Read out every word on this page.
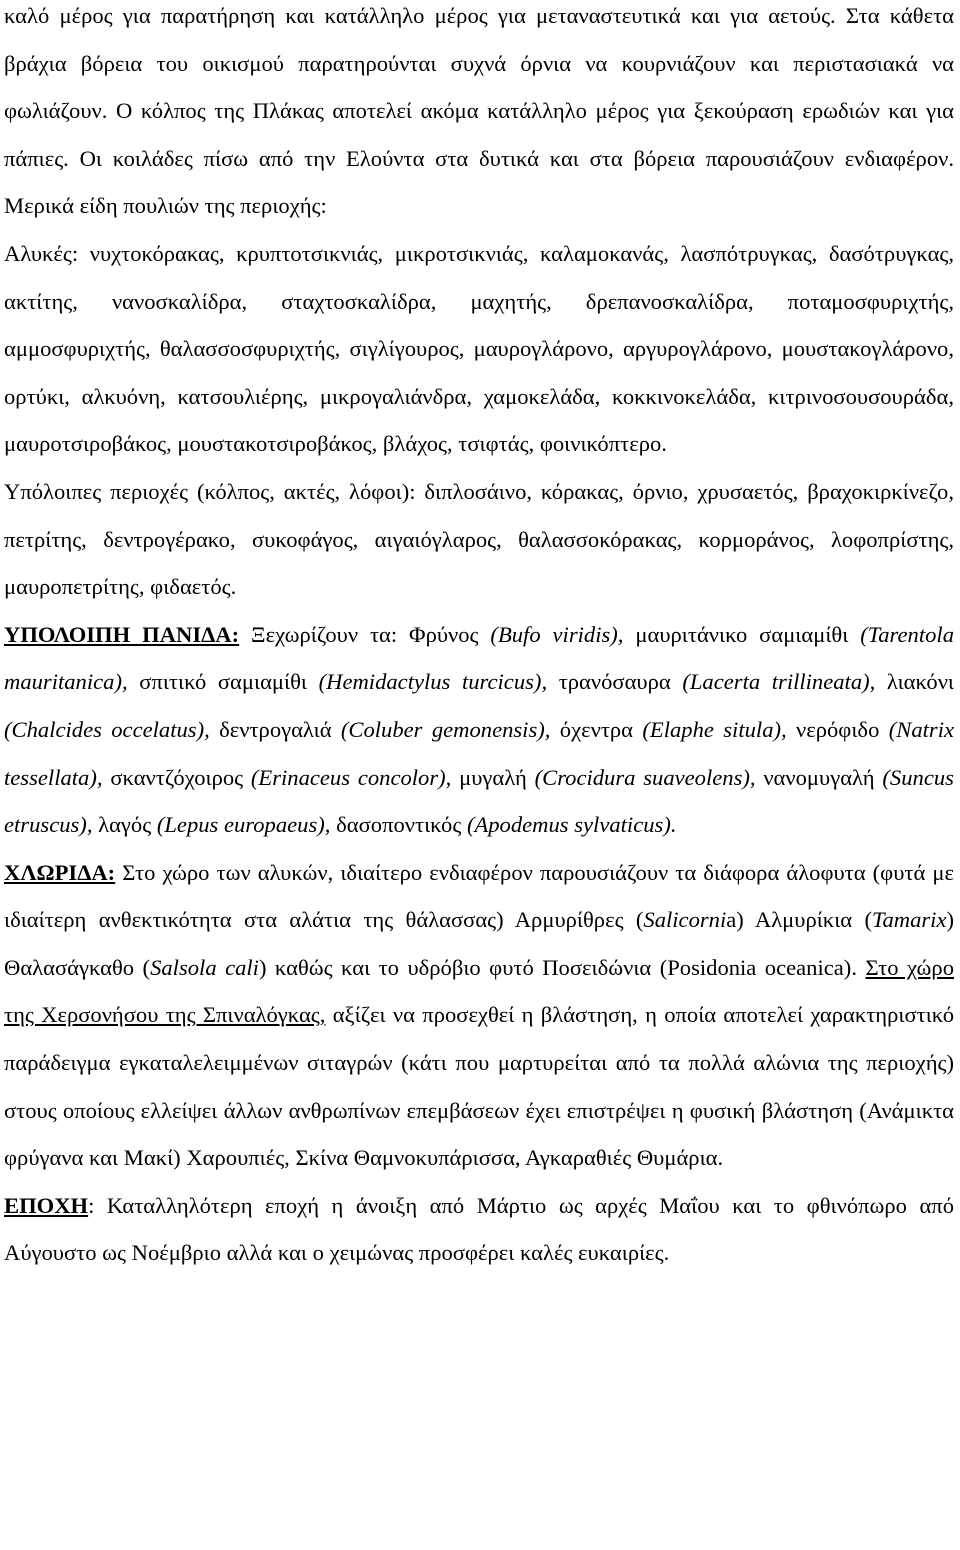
καλό μέρος για παρατήρηση και κατάλληλο μέρος για μεταναστευτικά και για αετούς. Στα κάθετα βράχια βόρεια του οικισμού παρατηρούνται συχνά όρνια να κουρνιάζουν και περιστασιακά να φωλιάζουν. Ο κόλπος της Πλάκας αποτελεί ακόμα κατάλληλο μέρος για ξεκούραση ερωδιών και για πάπιες. Οι κοιλάδες πίσω από την Ελούντα στα δυτικά και στα βόρεια παρουσιάζουν ενδιαφέρον. Μερικά είδη πουλιών της περιοχής:

Αλυκές: νυχτοκόρακας, κρυπτοτσικνιάς, μικροτσικνιάς, καλαμοκανάς, λασπότρυγκας, δασότρυγκας, ακτίτης, νανοσκαλίδρα, σταχτοσκαλίδρα, μαχητής, δρεπανοσκαλίδρα, ποταμοσφυριχτής, αμμοσφυριχτής, θαλασσοσφυριχτής, σιγλίγουρος, μαυρογλάρονο, αργυρογλάρονο, μουστακογλάρονο, ορτύκι, αλκυόνη, κατσουλιέρης, μικρογαλιάνδρα, χαμοκελάδα, κοκκινοκελάδα, κιτρινοσουσουράδα, μαυροτσιροβάκος, μουστακοτσιροβάκος, βλάχος, τσιφτάς, φοινικόπτερο.

Υπόλοιπες περιοχές (κόλπος, ακτές, λόφοι): διπλοσάινο, κόρακας, όρνιο, χρυσαετός, βραχοκιρκίνεζο, πετρίτης, δεντρογέρακο, συκοφάγος, αιγαιόγλαρος, θαλασσοκόρακας, κορμοράνος, λοφοπρίστης, μαυροπετρίτης, φιδαετός.

ΥΠΟΛΟΙΠΗ ΠΑΝΙΔΑ: Ξεχωρίζουν τα: Φρύνος (Bufo viridis), μαυριτάνικο σαμιαμίθι (Tarentola mauritanica), σπιτικό σαμιαμίθι (Hemidactylus turcicus), τρανόσαυρα (Lacerta trillineata), λιακόνι (Chalcides occelatus), δεντρογαλιά (Coluber gemonensis), όχεντρα (Elaphe situla), νερόφιδο (Natrix tessellata), σκαντζόχοιρος (Erinaceus concolor), μυγαλή (Crocidura suaveolens), νανομυγαλή (Suncus etruscus), λαγός (Lepus europaeus), δασοποντικός (Apodemus sylvaticus).

ΧΛΩΡΙΔΑ: Στο χώρο των αλυκών, ιδιαίτερο ενδιαφέρον παρουσιάζουν τα διάφορα άλοφυτα (φυτά με ιδιαίτερη ανθεκτικότητα στα αλάτια της θάλασσας) Αρμυρίθρες (Salicornia) Αλμυρίκια (Tamarix) Θαλασάγκαθο (Salsola cali) καθώς και το υδρόβιο φυτό Ποσειδώνια (Posidonia oceanica). Στο χώρο της Χερσονήσου της Σπιναλόγκας, αξίζει να προσεχθεί η βλάστηση, η οποία αποτελεί χαρακτηριστικό παράδειγμα εγκαταλελειμμένων σιταγρών (κάτι που μαρτυρείται από τα πολλά αλώνια της περιοχής) στους οποίους ελλείψει άλλων ανθρωπίνων επεμβάσεων έχει επιστρέψει η φυσική βλάστηση (Ανάμικτα φρύγανα και Μακί) Χαρουπιές, Σκίνα Θαμνοκυπάρισσα, Αγκαραθιές Θυμάρια.

ΕΠΟΧΗ: Καταλληλότερη εποχή η άνοιξη από Μάρτιο ως αρχές Μαΐου και το φθινόπωρο από Αύγουστο ως Νοέμβριο αλλά και ο χειμώνας προσφέρει καλές ευκαιρίες.
